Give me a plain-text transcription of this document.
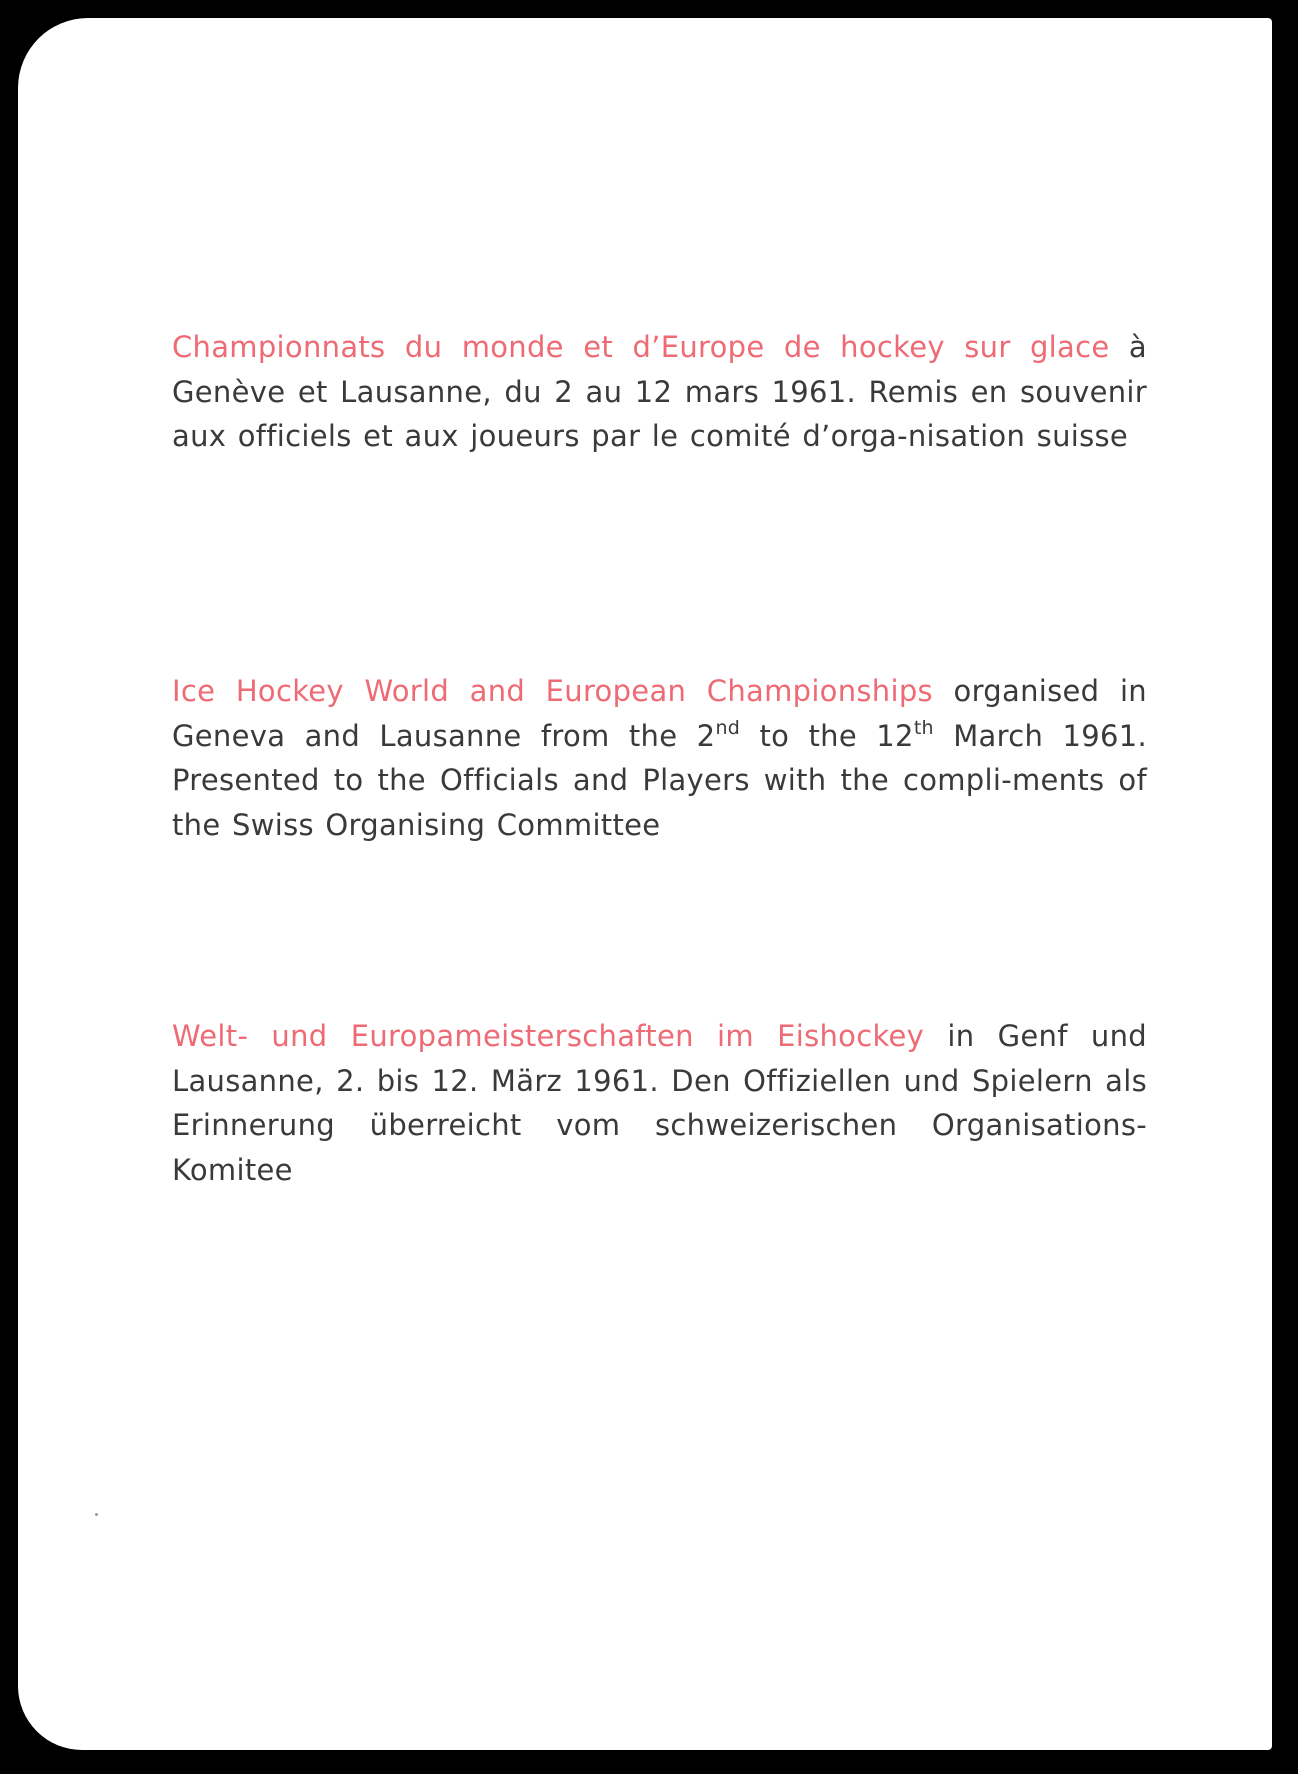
Championnats du monde et d’Europe de hockey sur glace à Genève et Lausanne, du 2 au 12 mars 1961. Remis en souvenir aux officiels et aux joueurs par le comité d’orga-nisation suisse
Ice Hockey World and European Championships organised in Geneva and Lausanne from the 2nd to the 12th March 1961. Presented to the Officials and Players with the compli-ments of the Swiss Organising Committee
Welt- und Europameisterschaften im Eishockey in Genf und Lausanne, 2. bis 12. März 1961. Den Offiziellen und Spielern als Erinnerung überreicht vom schweizerischen Organisations-Komitee
